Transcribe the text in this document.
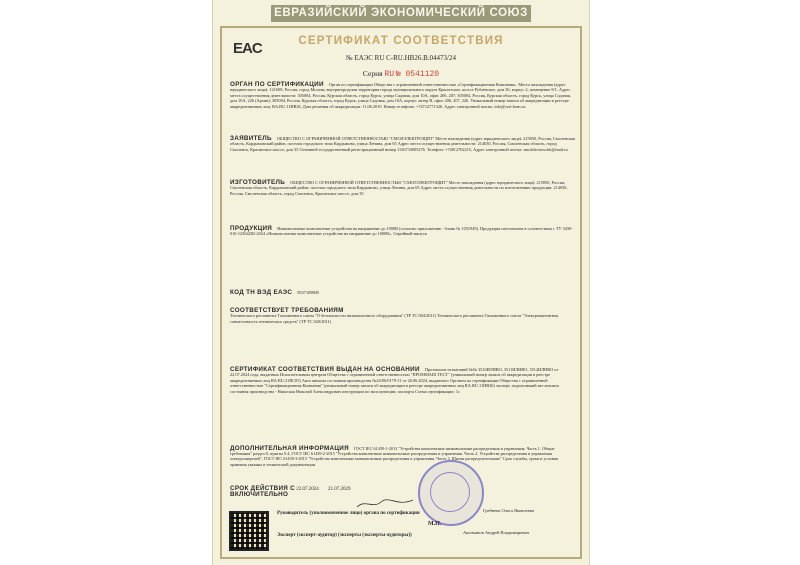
ЕВРАЗИЙСКИЙ ЭКОНОМИЧЕСКИЙ СОЮЗ
EAC	СЕРТИФИКАТ СООТВЕТСТВИЯ
№ ЕАЭС RU С-RU.НВ26.В.04473/24
Серия RU № 0541120
ОРГАН ПО СЕРТИФИКАЦИИ Орган по сертификации Общества с ограниченной ответственностью «Сертификационная Компания». Место нахождения (адрес юридического лица): 121609, Россия, город Москва, внутригородская территория города муниципального округа Крылатское, шоссе Рублёвское, дом 36, корпус 2, помещение 8/1. Адрес места осуществления деятельности: 305004, Россия, Курская область, город Курск, улица Садовая, дом 10А, офис 206, 207; 305004, Россия, Курская область, город Курск, улица Садовая, дом 10А, 226 (Архив); 305004, Россия, Курская область, город Курск, улица Садовая, дом 10А, корпус литер В, офис 206, 207, 226. Уникальный номер записи об аккредитации в реестре аккредитованных лиц: RA.RU.11НВ26. Дата решения об аккредитации: 11.06.2019. Номер телефона: +74712771326. Адрес электронной почты: info@sert-kom.ru.
ЗАЯВИТЕЛЬ ОБЩЕСТВО С ОГРАНИЧЕННОЙ ОТВЕТСТВЕННОСТЬЮ "СМОЛЭЛЕКТРОЩИТ" Место нахождения (адрес юридического лица): 215850, Россия, Смоленская область, Кардымовский район, поселок городского типа Кардымово, улица Ленина, дом 65 Адрес места осуществления деятельности: 214030, Россия, Смоленская область, город Смоленск, Красинское шоссе, дом 35 Основной государственный регистрационный номер 1136733005276. Телефон: +74812702215, Адрес электронной почты: smolelectroschit@mail.ru
ИЗГОТОВИТЕЛЬ ОБЩЕСТВО С ОГРАНИЧЕННОЙ ОТВЕТСТВЕННОСТЬЮ "СМОЛЭЛЕКТРОЩИТ" Место нахождения (адрес юридического лица): 215850, Россия, Смоленская область, Кардымовский район, поселок городского типа Кардымово, улица Ленина, дом 65 Адрес места осуществления деятельности по изготовлению продукции: 214030, Россия, Смоленская область, город Смоленск, Красинское шоссе, дом 35
ПРОДУКЦИЯ Низковольтные комплектные устройства на напряжение до 1000В (согласно приложению - бланк № 1031949). Продукция изготовлена в соответствии с ТУ 3430-016-12364282-2024 «Низковольтные комплектные устройства на напряжение до 1000В». Серийный выпуск
КОД ТН ВЭД ЕАЭС 8537109800
СООТВЕТСТВУЕТ ТРЕБОВАНИЯМ
Технического регламента Таможенного союза "О безопасности низковольтного оборудования" (ТР ТС 004/2011) Технического регламента Таможенного союза "Электромагнитная совместимость технических средств" (ТР ТС 020/2011)
СЕРТИФИКАТ СООТВЕТСТВИЯ ВЫДАН НА ОСНОВАНИИ Протоколов испытаний №№ 3510ИЛНВО, 3511ИЛНВО, 3512ИЛНВО от 22.07.2024 года, выданных Испытательным центром Общества с ограниченной ответственностью "ПРОММАШ ТЕСТ" (уникальный номер записи об аккредитации в реестре аккредитованных лиц RA.RU.21ВС05) Акта анализа состояния производства №24/06/0179-11 от 26.06.2024, выданного Органом по сертификации Общества с ограниченной ответственностью "Сертификационная Компания" (уникальный номер записи об аккредитации в реестре аккредитованных лиц RA.RU.11НВ26) эксперт, подписавший акт анализа состояния производства - Никоская Николай Александрович инструкции по эксплуатации; паспорта Схема сертификации: 1с
ДОПОЛНИТЕЛЬНАЯ ИНФОРМАЦИЯ ГОСТ IEC 61439-1-2013 "Устройства комплектные низковольтные распределения и управления. Часть 1. Общие требования" раздел 8, пункты 9.4, ГОСТ IEC 61439-2-2015 "Устройства комплектные низковольтные распределения и управления. Часть 2. Устройства распределения и управления электроэнергией", ГОСТ IEC 61439-3-2015 "Устройства комплектные низковольтные распределения и управления. Часть 3. Щитки распределительные" Срок службы, сроки и условия хранения указаны в технической документации.
СРОК ДЕЙСТВИЯ С 22.07.2024 21.07.2029
ВКЛЮЧИТЕЛЬНО
Руководитель (уполномоченное лицо) органа по сертификации
Гребнева Ольга Яковлевна
Эксперт (эксперт-аудитор) (эксперты (эксперты-аудиторы))
Акопьянов Андрей Владимирович
М.П.
